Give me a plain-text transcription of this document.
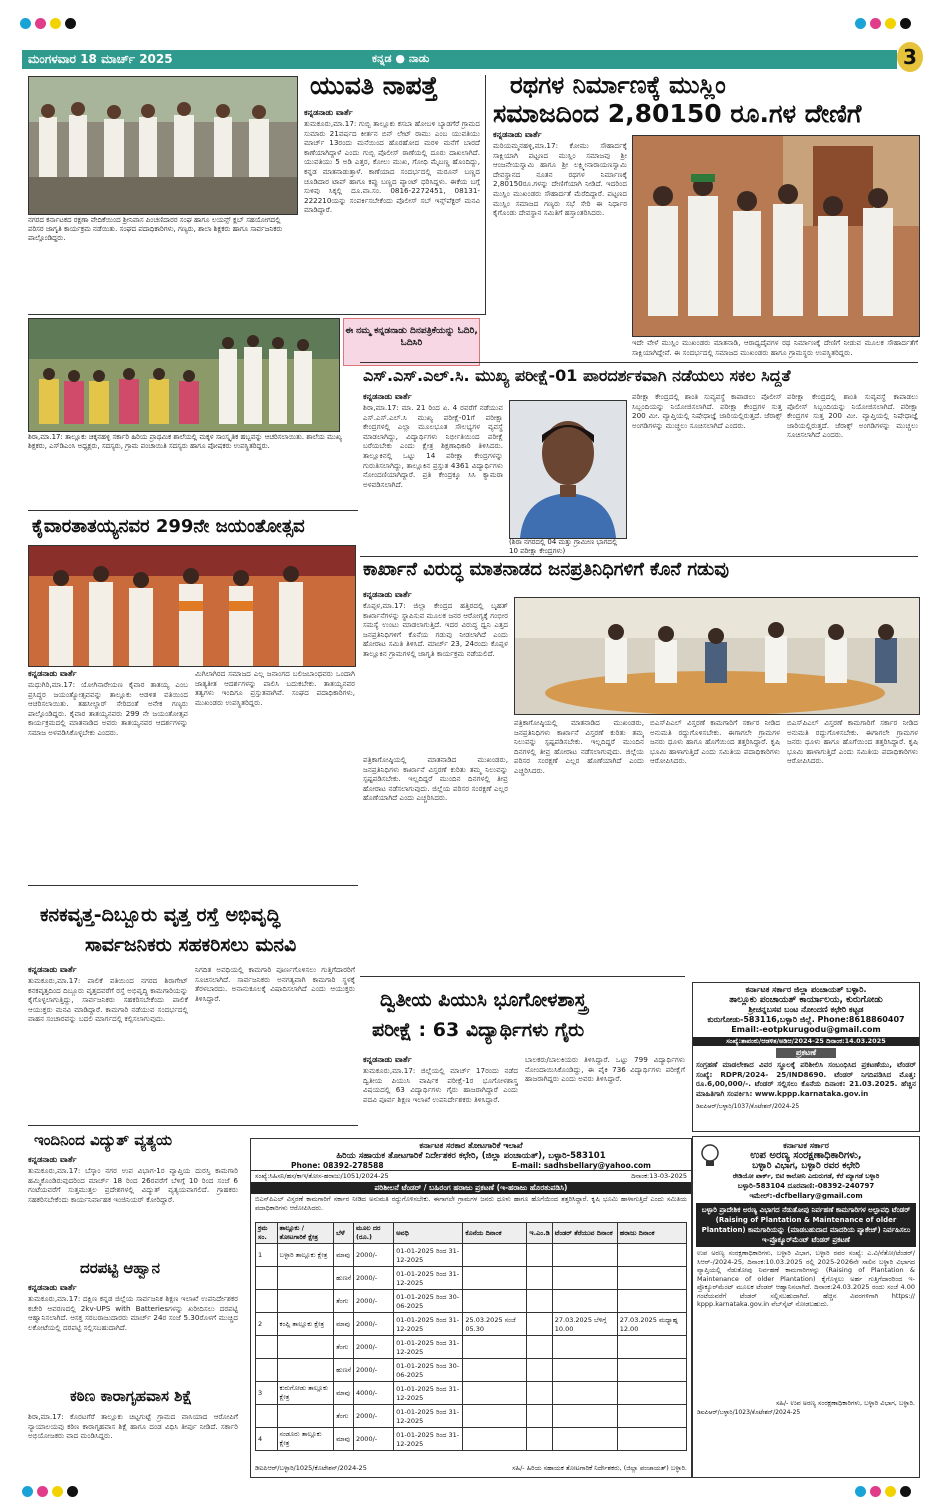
ಮಂಗಳವಾರ 18 ಮಾರ್ಚ್ 2025	ಕನ್ನಡ ● ನಾಡು	3
ನಗರದ ಕರ್ನಾಟಕದ ರಕ್ಷಣಾ ವೇದಿಕೆಯಿಂದ ಶ್ರೀನಿವಾಸ ಪಿಂಚಣಿದಾರರ ಸಂಘ ಹಾಗೂ ಲಯನ್ಸ್ ಕ್ಲಬ್ ಸಹಯೋಗದಲ್ಲಿ ಪರಿಸರ ಜಾಗೃತಿ ಕಾರ್ಯಕ್ರಮ ನಡೆಯಿತು. ಸಂಘದ ಪದಾಧಿಕಾರಿಗಳು, ಗಣ್ಯರು, ಶಾಲಾ ಶಿಕ್ಷಕರು ಹಾಗೂ ಸಾರ್ವಜನಿಕರು ಪಾಲ್ಗೊಂಡಿದ್ದರು.
ಯುವತಿ ನಾಪತ್ತೆ
ಕನ್ನಡನಾಡು ವಾರ್ತೆ
ತುಮಕೂರು,ಮಾ.17: ಗುಬ್ಬಿ ತಾಲ್ಲೂಕು ಕಸಬಾ ಹೋಬಳಿ ಬ್ಯಾಡಗೆರೆ ಗ್ರಾಮದ ಸುಮಾರು 21ವರ್ಷದ ಕೀರ್ತನ ಬಿನ್ ಲೇಟ್ ರಾಮು ಎಂಬ ಯುವತಿಯು ಮಾರ್ಚ್ 13ರಂದು ಮನೆಯಿಂದ ಹೊರಹೋದ ಮರಳಿ ಮನೆಗೆ ಬಾರದೆ ಕಾಣೆಯಾಗಿದ್ದಾಳೆ ಎಂದು ಗುಬ್ಬಿ ಪೊಲೀಸ್ ಠಾಣೆಯಲ್ಲಿ ದೂರು ದಾಖಲಾಗಿದೆ. ಯುವತಿಯು 5 ಅಡಿ ಎತ್ತರ, ಕೋಲು ಮುಖ, ಗೋಧಿ ಮೈಬಣ್ಣ ಹೊಂದಿದ್ದು, ಕನ್ನಡ ಮಾತನಾಡುತ್ತಾಳೆ. ಕಾಣೆಯಾದ ಸಂದರ್ಭದಲ್ಲಿ ಮರೂನ್ ಬಣ್ಣದ ಚೂಡಿದಾರ ಟಾಪ್ ಹಾಗೂ ಕಪ್ಪು ಬಣ್ಣದ ಪ್ಯಾಂಟ್ ಧರಿಸಿದ್ದಳು. ಈಕೆಯ ಬಗ್ಗೆ ಸುಳಿವು ಸಿಕ್ಕಲ್ಲಿ ದೂ.ವಾ.ಸಂ. 0816-2272451, 08131-222210ಯನ್ನು ಸಂಪರ್ಕಿಸಬೇಕೆಂದು ಪೊಲೀಸ್ ಸಬ್ ಇನ್ಸ್‌ಪೆಕ್ಟರ್ ಮನವಿ ಮಾಡಿದ್ದಾರೆ.
ರಥಗಳ ನಿರ್ಮಾಣಕ್ಕೆ ಮುಸ್ಲಿಂ
ಸಮಾಜದಿಂದ 2,80150 ರೂ.ಗಳ ದೇಣಿಗೆ
ಕನ್ನಡನಾಡು ವಾರ್ತೆ
ಮರಿಯಮ್ಮನಹಳ್ಳಿ,ಮಾ.17: ಕೋಮು ಸೌಹಾರ್ದಕ್ಕೆ ಸಾಕ್ಷಿಯಾಗಿ ಪಟ್ಟಣದ ಮುಸ್ಲಿಂ ಸಮಾಜವು ಶ್ರೀ ಆಂಜನೇಯಸ್ವಾಮಿ ಹಾಗೂ ಶ್ರೀ ಲಕ್ಷ್ಮೀನಾರಾಯಣಸ್ವಾಮಿ ದೇವಸ್ಥಾನದ ನೂತನ ರಥಗಳ ನಿರ್ಮಾಣಕ್ಕೆ 2,80150ರೂ.ಗಳನ್ನು ದೇಣಿಗೆಯಾಗಿ ನೀಡಿದೆ. ಇದರಿಂದ ಮುಸ್ಲಿಂ ಮುಖಂಡರು ಸೌಹಾರ್ದತೆ ಮೆರೆದಿದ್ದಾರೆ. ಪಟ್ಟಣದ ಮುಸ್ಲಿಂ ಸಮಾಜದ ಗಣ್ಯರು ಸಭೆ ಸೇರಿ ಈ ನಿರ್ಧಾರ ಕೈಗೊಂಡು ದೇವಸ್ಥಾನ ಸಮಿತಿಗೆ ಹಸ್ತಾಂತರಿಸಿದರು.
ಇದೇ ವೇಳೆ ಮುಸ್ಲಿಂ ಮುಖಂಡರು ಮಾತನಾಡಿ, ಆರಾಧ್ಯದೈವಗಳ ರಥ ನಿರ್ಮಾಣಕ್ಕೆ ದೇಣಿಗೆ ನೀಡುವ ಮೂಲಕ ಸೌಹಾರ್ದತೆಗೆ ಸಾಕ್ಷಿಯಾಗಿದ್ದೇವೆ. ಈ ಸಂದರ್ಭದಲ್ಲಿ ಸಮಾಜದ ಮುಖಂಡರು ಹಾಗೂ ಗ್ರಾಮಸ್ಥರು ಉಪಸ್ಥಿತರಿದ್ದರು.
ಈ ನಮ್ಮ ಕನ್ನಡನಾಡು ದಿನಪತ್ರಿಕೆಯನ್ನು ಓದಿರಿ, ಓದಿಸಿರಿ
ಶಿರಾ,ಮಾ.17: ತಾಲ್ಲೂಕು ಚಿಕ್ಕನಹಳ್ಳಿ ಸರ್ಕಾರಿ ಹಿರಿಯ ಪ್ರಾಥಮಿಕ ಶಾಲೆಯಲ್ಲಿ ಮಕ್ಕಳ ಸಾಂಸ್ಕೃತಿಕ ಹಬ್ಬವನ್ನು ಆಚರಿಸಲಾಯಿತು. ಶಾಲೆಯ ಮುಖ್ಯ ಶಿಕ್ಷಕರು, ಎಸ್‌ಡಿಎಂಸಿ ಅಧ್ಯಕ್ಷರು, ಸದಸ್ಯರು, ಗ್ರಾಮ ಪಂಚಾಯಿತಿ ಸದಸ್ಯರು ಹಾಗೂ ಪೋಷಕರು ಉಪಸ್ಥಿತರಿದ್ದರು.
ಎಸ್.ಎಸ್.ಎಲ್.ಸಿ. ಮುಖ್ಯ ಪರೀಕ್ಷೆ-01 ಪಾರದರ್ಶಕವಾಗಿ ನಡೆಯಲು ಸಕಲ ಸಿದ್ದತೆ
ಕನ್ನಡನಾಡು ವಾರ್ತೆ
ಶಿರಾ,ಮಾ.17: ಮಾ. 21 ರಿಂದ ಏ. 4 ರವರೆಗೆ ನಡೆಯುವ ಎಸ್.ಎಸ್.ಎಲ್.ಸಿ ಮುಖ್ಯ ಪರೀಕ್ಷೆ-01ಗೆ ಪರೀಕ್ಷಾ ಕೇಂದ್ರಗಳಲ್ಲಿ ಎಲ್ಲಾ ಮೂಲಭೂತ ಸೌಲಭ್ಯಗಳ ವ್ಯವಸ್ಥೆ ಮಾಡಲಾಗಿದ್ದು, ವಿದ್ಯಾರ್ಥಿಗಳು ನಿರ್ಭೀತಿಯಿಂದ ಪರೀಕ್ಷೆ ಬರೆಯಬೇಕು ಎಂದು ಕ್ಷೇತ್ರ ಶಿಕ್ಷಣಾಧಿಕಾರಿ ತಿಳಿಸಿದರು. ತಾಲ್ಲೂಕಿನಲ್ಲಿ ಒಟ್ಟು 14 ಪರೀಕ್ಷಾ ಕೇಂದ್ರಗಳನ್ನು ಗುರುತಿಸಲಾಗಿದ್ದು, ತಾಲ್ಲೂಕಿನ ಪ್ರಸ್ತುತ 4361 ವಿದ್ಯಾರ್ಥಿಗಳು ನೋಂದಣಿಯಾಗಿದ್ದಾರೆ. ಪ್ರತಿ ಕೇಂದ್ರಕ್ಕೂ ಸಿಸಿ ಕ್ಯಾಮರಾ ಅಳವಡಿಸಲಾಗಿದೆ.
(ಶಿರಾ ನಗರದಲ್ಲಿ 04 ಮತ್ತು ಗ್ರಾಮೀಣ ಭಾಗದಲ್ಲಿ 10 ಪರೀಕ್ಷಾ ಕೇಂದ್ರಗಳು)
ಪರೀಕ್ಷಾ ಕೇಂದ್ರದಲ್ಲಿ ಶಾಂತಿ ಸುವ್ಯವಸ್ಥೆ ಕಾಪಾಡಲು ಪೊಲೀಸ್ ಸಿಬ್ಬಂದಿಯನ್ನು ನಿಯೋಜಿಸಲಾಗಿದೆ. ಪರೀಕ್ಷಾ ಕೇಂದ್ರಗಳ ಸುತ್ತ 200 ಮೀ. ವ್ಯಾಪ್ತಿಯಲ್ಲಿ ನಿಷೇಧಾಜ್ಞೆ ಜಾರಿಯಲ್ಲಿರುತ್ತದೆ. ಜೆರಾಕ್ಸ್ ಅಂಗಡಿಗಳನ್ನು ಮುಚ್ಚಲು ಸೂಚಿಸಲಾಗಿದೆ ಎಂದರು.
ಪರೀಕ್ಷಾ ಕೇಂದ್ರದಲ್ಲಿ ಶಾಂತಿ ಸುವ್ಯವಸ್ಥೆ ಕಾಪಾಡಲು ಪೊಲೀಸ್ ಸಿಬ್ಬಂದಿಯನ್ನು ನಿಯೋಜಿಸಲಾಗಿದೆ. ಪರೀಕ್ಷಾ ಕೇಂದ್ರಗಳ ಸುತ್ತ 200 ಮೀ. ವ್ಯಾಪ್ತಿಯಲ್ಲಿ ನಿಷೇಧಾಜ್ಞೆ ಜಾರಿಯಲ್ಲಿರುತ್ತದೆ. ಜೆರಾಕ್ಸ್ ಅಂಗಡಿಗಳನ್ನು ಮುಚ್ಚಲು ಸೂಚಿಸಲಾಗಿದೆ ಎಂದರು.
ಕೈವಾರತಾತಯ್ಯನವರ 299ನೇ ಜಯಂತೋತ್ಸವ
ಕನ್ನಡನಾಡು ವಾರ್ತೆ
ಮಧುಗಿರಿ,ಮಾ.17: ಯೋಗಿನಾರೇಯಣ ಕೈವಾರ ತಾತಯ್ಯ ಎಂಬ ಪ್ರಸಿದ್ಧರ ಜಯಂತ್ಯೋತ್ಸವವನ್ನು ತಾಲ್ಲೂಕು ಆಡಳಿತ ವತಿಯಿಂದ ಆಚರಿಸಲಾಯಿತು. ತಹಸೀಲ್ದಾರ್ ಸೇರಿದಂತೆ ಅನೇಕ ಗಣ್ಯರು ಪಾಲ್ಗೊಂಡಿದ್ದರು. ಕೈವಾರ ತಾತಯ್ಯನವರು 299 ನೇ ಜಯಂತೋತ್ಸವ ಕಾರ್ಯಕ್ರಮದಲ್ಲಿ ಮಾತನಾಡಿದ ಅವರು ತಾತಯ್ಯನವರ ಆದರ್ಶಗಳನ್ನು ಸಮಾಜ ಅಳವಡಿಸಿಕೊಳ್ಳಬೇಕು ಎಂದರು.
ಮಿಗಿಲಾಗಿರದ ಸಮಾಜದ ಎಲ್ಲ ಜನಾಂಗದ ಬಲಿಜಬಾಂಧವರು ಒಂದಾಗಿ ಜಾತ್ಯತೀತ ಆದರ್ಶಗಳನ್ನು ಪಾಲಿಸಿ ಬದುಕಬೇಕು. ತಾತಯ್ಯನವರ ತತ್ವಗಳು ಇಂದಿಗೂ ಪ್ರಸ್ತುತವಾಗಿವೆ. ಸಂಘದ ಪದಾಧಿಕಾರಿಗಳು, ಮುಖಂಡರು ಉಪಸ್ಥಿತರಿದ್ದರು.
ಕಾರ್ಖಾನೆ ವಿರುದ್ಧ ಮಾತನಾಡದ ಜನಪ್ರತಿನಿಧಿಗಳಿಗೆ ಕೊನೆ ಗಡುವು
ಕನ್ನಡನಾಡು ವಾರ್ತೆ
ಕೊಪ್ಪಳ,ಮಾ.17: ಜಿಲ್ಲಾ ಕೇಂದ್ರದ ಹತ್ತಿರದಲ್ಲಿ ಬೃಹತ್ ಕಾರ್ಖಾನೆಗಳನ್ನು ಸ್ಥಾಪಿಸುವ ಮೂಲಕ ಜನರ ಆರೋಗ್ಯಕ್ಕೆ ಗಂಭೀರ ಸಮಸ್ಯೆ ಉಂಟು ಮಾಡಲಾಗುತ್ತಿದೆ. ಇದರ ವಿರುದ್ಧ ಧ್ವನಿ ಎತ್ತದ ಜನಪ್ರತಿನಿಧಿಗಳಿಗೆ ಕೊನೆಯ ಗಡುವು ನೀಡಲಾಗಿದೆ ಎಂದು ಹೋರಾಟ ಸಮಿತಿ ತಿಳಿಸಿದೆ. ಮಾರ್ಚ್ 23, 24ರಂದು ಕೊಪ್ಪಳ ತಾಲ್ಲೂಕಿನ ಗ್ರಾಮಗಳಲ್ಲಿ ಜಾಗೃತಿ ಕಾರ್ಯಕ್ರಮ ನಡೆಯಲಿದೆ.
ಪತ್ರಿಕಾಗೋಷ್ಠಿಯಲ್ಲಿ ಮಾತನಾಡಿದ ಮುಖಂಡರು, ಜನಪ್ರತಿನಿಧಿಗಳು ಕಾರ್ಖಾನೆ ವಿಸ್ತರಣೆ ಕುರಿತು ತಮ್ಮ ನಿಲುವನ್ನು ಸ್ಪಷ್ಟಪಡಿಸಬೇಕು. ಇಲ್ಲದಿದ್ದರೆ ಮುಂದಿನ ದಿನಗಳಲ್ಲಿ ತೀವ್ರ ಹೋರಾಟ ನಡೆಸಲಾಗುವುದು. ಜಿಲ್ಲೆಯ ಪರಿಸರ ಸಂರಕ್ಷಣೆ ಎಲ್ಲರ ಹೊಣೆಯಾಗಿದೆ ಎಂದು ಎಚ್ಚರಿಸಿದರು.
ಪತ್ರಿಕಾಗೋಷ್ಠಿಯಲ್ಲಿ ಮಾತನಾಡಿದ ಮುಖಂಡರು, ಜನಪ್ರತಿನಿಧಿಗಳು ಕಾರ್ಖಾನೆ ವಿಸ್ತರಣೆ ಕುರಿತು ತಮ್ಮ ನಿಲುವನ್ನು ಸ್ಪಷ್ಟಪಡಿಸಬೇಕು. ಇಲ್ಲದಿದ್ದರೆ ಮುಂದಿನ ದಿನಗಳಲ್ಲಿ ತೀವ್ರ ಹೋರಾಟ ನಡೆಸಲಾಗುವುದು. ಜಿಲ್ಲೆಯ ಪರಿಸರ ಸಂರಕ್ಷಣೆ ಎಲ್ಲರ ಹೊಣೆಯಾಗಿದೆ ಎಂದು ಎಚ್ಚರಿಸಿದರು.
ಬಿಎಸ್‌ಪಿಎಲ್ ವಿಸ್ತರಣೆ ಕಾಮಗಾರಿಗೆ ಸರ್ಕಾರ ನೀಡಿದ ಅನುಮತಿ ರದ್ದುಗೊಳಿಸಬೇಕು. ಈಗಾಗಲೇ ಗ್ರಾಮಗಳ ಜನರು ಧೂಳು ಹಾಗೂ ಹೊಗೆಯಿಂದ ತತ್ತರಿಸಿದ್ದಾರೆ. ಕೃಷಿ ಭೂಮಿ ಹಾಳಾಗುತ್ತಿದೆ ಎಂದು ಸಮಿತಿಯ ಪದಾಧಿಕಾರಿಗಳು ಆರೋಪಿಸಿದರು.
ಬಿಎಸ್‌ಪಿಎಲ್ ವಿಸ್ತರಣೆ ಕಾಮಗಾರಿಗೆ ಸರ್ಕಾರ ನೀಡಿದ ಅನುಮತಿ ರದ್ದುಗೊಳಿಸಬೇಕು. ಈಗಾಗಲೇ ಗ್ರಾಮಗಳ ಜನರು ಧೂಳು ಹಾಗೂ ಹೊಗೆಯಿಂದ ತತ್ತರಿಸಿದ್ದಾರೆ. ಕೃಷಿ ಭೂಮಿ ಹಾಳಾಗುತ್ತಿದೆ ಎಂದು ಸಮಿತಿಯ ಪದಾಧಿಕಾರಿಗಳು ಆರೋಪಿಸಿದರು.
ಕನಕವೃತ್ತ-ದಿಬ್ಬೂರು ವೃತ್ತ ರಸ್ತೆ ಅಭಿವೃದ್ಧಿ
ಸಾರ್ವಜನಿಕರು ಸಹಕರಿಸಲು ಮನವಿ
ಕನ್ನಡನಾಡು ವಾರ್ತೆ
ತುಮಕೂರು,ಮಾ.17: ಪಾಲಿಕೆ ವತಿಯಿಂದ ನಗರದ ಶಿರಾಗೇಟ್ ಕನಕವೃತ್ತದಿಂದ ದಿಬ್ಬೂರು ವೃತ್ತದವರೆಗೆ ರಸ್ತೆ ಅಭಿವೃದ್ಧಿ ಕಾಮಗಾರಿಯನ್ನು ಕೈಗೊಳ್ಳಲಾಗುತ್ತಿದ್ದು, ಸಾರ್ವಜನಿಕರು ಸಹಕರಿಸಬೇಕೆಂದು ಪಾಲಿಕೆ ಆಯುಕ್ತರು ಮನವಿ ಮಾಡಿದ್ದಾರೆ. ಕಾಮಗಾರಿ ನಡೆಯುವ ಸಂದರ್ಭದಲ್ಲಿ ವಾಹನ ಸಂಚಾರವನ್ನು ಬದಲಿ ಮಾರ್ಗದಲ್ಲಿ ಕಲ್ಪಿಸಲಾಗುವುದು.
ನಿಗದಿತ ಅವಧಿಯಲ್ಲಿ ಕಾಮಗಾರಿ ಪೂರ್ಣಗೊಳಿಸಲು ಗುತ್ತಿಗೆದಾರರಿಗೆ ಸೂಚಿಸಲಾಗಿದೆ. ಸಾರ್ವಜನಿಕರು ಅನಗತ್ಯವಾಗಿ ಕಾಮಗಾರಿ ಸ್ಥಳಕ್ಕೆ ತೆರಳಬಾರದು. ಅನಾನುಕೂಲಕ್ಕೆ ವಿಷಾದಿಸಲಾಗಿದೆ ಎಂದು ಆಯುಕ್ತರು ತಿಳಿಸಿದ್ದಾರೆ.	ದ್ವಿತೀಯ ಪಿಯುಸಿ ಭೂಗೋಳಶಾಸ್ತ್ರ
ಪರೀಕ್ಷೆ : 63 ವಿದ್ಯಾರ್ಥಿಗಳು ಗೈರು
ಕನ್ನಡನಾಡು ವಾರ್ತೆ
ತುಮಕೂರು,ಮಾ.17: ಜಿಲ್ಲೆಯಲ್ಲಿ ಮಾರ್ಚ್ 17ರಂದು ನಡೆದ ದ್ವಿತೀಯ ಪಿಯುಸಿ ವಾರ್ಷಿಕ ಪರೀಕ್ಷೆ-1ರ ಭೂಗೋಳಶಾಸ್ತ್ರ ವಿಷಯದಲ್ಲಿ 63 ವಿದ್ಯಾರ್ಥಿಗಳು ಗೈರು ಹಾಜರಾಗಿದ್ದಾರೆ ಎಂದು ಪದವಿ ಪೂರ್ವ ಶಿಕ್ಷಣ ಇಲಾಖೆ ಉಪನಿರ್ದೇಶಕರು ತಿಳಿಸಿದ್ದಾರೆ.
ಬಾಲಕರು/ಬಾಲಕಿಯರು ತಿಳಿಸಿದ್ದಾರೆ. ಒಟ್ಟು 799 ವಿದ್ಯಾರ್ಥಿಗಳು ನೋಂದಾಯಿಸಿಕೊಂಡಿದ್ದು, ಈ ಪೈಕಿ 736 ವಿದ್ಯಾರ್ಥಿಗಳು ಪರೀಕ್ಷೆಗೆ ಹಾಜರಾಗಿದ್ದರು ಎಂದು ಅವರು ತಿಳಿಸಿದ್ದಾರೆ.
ಕರ್ನಾಟಕ ಸರ್ಕಾರ ಜಿಲ್ಲಾ ಪಂಚಾಯತ್ ಬಳ್ಳಾರಿ.
ತಾಲ್ಲೂಕು ಪಂಚಾಯತ್ ಕಾರ್ಯಾಲಯ, ಕುರುಗೋಡು
ಶ್ರೀಚನ್ನಬಸವ ಬಂಟ ನೋಂದಣಿ ಕಛೇರಿ ಕಟ್ಟಡ
ಕುರುಗೋಡು-583116,ಬಳ್ಳಾರಿ ಜಿಲ್ಲೆ. Phone:8618860407
Email:-eotpkurugodu@gmail.com
ಸಂಖ್ಯೆ:ತಾಪಂಕು/ಆಡಳಿತ/ಅಡಿಆ/2024-25 ದಿನಾಂಕ:14.03.2025
ಪ್ರಕಟಣೆ
ಸಂಗ್ರಹಣೆ ಮಾಡಲೇಕಾದ ವಿವರ ಸ್ಥೂಲಕ್ಕೆ ಪರಿಶೀಲಿಸಿ ಸಂಬಂಧಿಸಿದ ಪ್ರಕಟಣೆಯು, ಟೆಂಡರ್ ಸಂಖ್ಯೆ: RDPR/2024- 25/IND8690. ಟೆಂಡರ್ ನಿಗದಿಪಡಿಸಿದ ಮೊತ್ತ: ರೂ.6,00,000/-. ಟೆಂಡರ್ ಸಲ್ಲಿಸಲು ಕೊನೆಯ ದಿನಾಂಕ: 21.03.2025. ಹೆಚ್ಚಿನ ಮಾಹಿತಿಗಾಗಿ ಸಂಪರ್ಕಿಸಿ: www.kppp.karnataka.gov.in
ಡಿಐಪಿಆರ್/ಬಳ್ಳಾರಿ/1037/ಕೊಟೇಶನ್/2024-25
ಇಂದಿನಿಂದ ವಿದ್ಯುತ್ ವ್ಯತ್ಯಯ
ಕನ್ನಡನಾಡು ವಾರ್ತೆ
ತುಮಕೂರು,ಮಾ.17: ಬೆಸ್ಕಾಂ ನಗರ ಉಪ ವಿಭಾಗ-1ರ ವ್ಯಾಪ್ತಿಯ ದುರಸ್ತಿ ಕಾಮಗಾರಿ ಹಮ್ಮಿಕೊಂಡಿರುವುದರಿಂದ ಮಾರ್ಚ್ 18 ರಿಂದ 26ರವರೆಗೆ ಬೆಳಿಗ್ಗೆ 10 ರಿಂದ ಸಂಜೆ 6 ಗಂಟೆಯವರೆಗೆ ಸುತ್ತಮುತ್ತಲ ಪ್ರದೇಶಗಳಲ್ಲಿ ವಿದ್ಯುತ್ ವ್ಯತ್ಯಯವಾಗಲಿದೆ. ಗ್ರಾಹಕರು ಸಹಕರಿಸಬೇಕೆಂದು ಕಾರ್ಯನಿರ್ವಾಹಕ ಇಂಜಿನಿಯರ್ ಕೋರಿದ್ದಾರೆ.
ದರಪಟ್ಟಿ ಆಹ್ವಾನ
ಕನ್ನಡನಾಡು ವಾರ್ತೆ
ತುಮಕೂರು,ಮಾ.17: ದಕ್ಷಿಣ ಕನ್ನಡ ಜಿಲ್ಲೆಯ ಸಾರ್ವಜನಿಕ ಶಿಕ್ಷಣ ಇಲಾಖೆ ಉಪನಿರ್ದೇಶಕರ ಕಚೇರಿ ಆವರಣದಲ್ಲಿ 2kv-UPS with Batteriesಗಳನ್ನು ಖರೀದಿಸಲು ದರಪಟ್ಟಿ ಆಹ್ವಾನಿಸಲಾಗಿದೆ. ಆಸಕ್ತ ಸರಬರಾಜುದಾರರು ಮಾರ್ಚ್ 24ರ ಸಂಜೆ 5.30ರೊಳಗೆ ಮುಚ್ಚಿದ ಲಕೋಟೆಯಲ್ಲಿ ದರಪಟ್ಟಿ ಸಲ್ಲಿಸಬಹುದಾಗಿದೆ.
ಕಠಿಣ ಕಾರಾಗೃಹವಾಸ ಶಿಕ್ಷೆ
ಶಿರಾ,ಮಾ.17: ಕೊರಟಗೆರೆ ತಾಲ್ಲೂಕು ಚಿಟ್ಟಗುಟ್ಟೆ ಗ್ರಾಮದ ವಾಸಿಯಾದ ಆರೋಪಿಗೆ ನ್ಯಾಯಾಲಯವು ಕಠಿಣ ಕಾರಾಗೃಹವಾಸ ಶಿಕ್ಷೆ ಹಾಗೂ ದಂಡ ವಿಧಿಸಿ ತೀರ್ಪು ನೀಡಿದೆ. ಸರ್ಕಾರಿ ಅಭಿಯೋಜಕರು ವಾದ ಮಂಡಿಸಿದ್ದರು.
ಕರ್ನಾಟಕ ಸರಕಾರ ತೋಟಗಾರಿಕೆ ಇಲಾಖೆ
ಹಿರಿಯ ಸಹಾಯಕ ತೋಟಗಾರಿಕೆ ನಿರ್ದೇಶಕರ ಕಛೇರಿ, (ಜಿಲ್ಲಾ ಪಂಚಾಯತ್), ಬಳ್ಳಾರಿ-583101
Phone: 08392-278588	E-mail: sadhsbellary@yahoo.com
ಸಂಖ್ಯೆ:ಸಿಹಿಸನಿ/ಹಸ/ಕಾಇ/ತೋಸ-ಹರಾಜು/1051/2024-25	ದಿನಾಂಕ:13-03-2025
ಪರಿಶೀಲನೆ ಟೆಂಡರ್ / ಬಹಿರಂಗ ಹರಾಜು ಪ್ರಕಟಣೆ (ಇ-ಹರಾಜು ಹೊರತುಪಡಿಸಿ)
ಬಿಎಸ್‌ಪಿಎಲ್ ವಿಸ್ತರಣೆ ಕಾಮಗಾರಿಗೆ ಸರ್ಕಾರ ನೀಡಿದ ಅನುಮತಿ ರದ್ದುಗೊಳಿಸಬೇಕು. ಈಗಾಗಲೇ ಗ್ರಾಮಗಳ ಜನರು ಧೂಳು ಹಾಗೂ ಹೊಗೆಯಿಂದ ತತ್ತರಿಸಿದ್ದಾರೆ. ಕೃಷಿ ಭೂಮಿ ಹಾಳಾಗುತ್ತಿದೆ ಎಂದು ಸಮಿತಿಯ ಪದಾಧಿಕಾರಿಗಳು ಆರೋಪಿಸಿದರು.
ಕ್ರಮ ಸಂ.	ತಾಲ್ಲೂಕು / ತೋಟಗಾರಿಕೆ ಕ್ಷೇತ್ರ	ಬೆಳೆ	ಮೂಲ ದರ (ರೂ.)	ಅವಧಿ	ಕೊನೆಯ ದಿನಾಂಕ	ಇ.ಎಂ.ಡಿ	ಟೆಂಡರ್ ತೆರೆಯುವ ದಿನಾಂಕ	ಹರಾಜು ದಿನಾಂಕ
1	ಬಳ್ಳಾರಿ ತಾಲ್ಲೂಕು ಕ್ಷೇತ್ರ	ಮಾವು	2000/-	01-01-2025 ರಿಂದ 31-12-2025				
		ಹುಣಸೆ	2000/-	01-01-2025 ರಿಂದ 31-12-2025				
		ತೆಂಗು	2000/-	01-01-2025 ರಿಂದ 30-06-2025				
2	ಕಂಪ್ಲಿ ತಾಲ್ಲೂಕು ಕ್ಷೇತ್ರ	ಮಾವು	2000/-	01-01-2025 ರಿಂದ 31-12-2025	25.03.2025 ಸಂಜೆ 05.30		27.03.2025 ಬೆಳಿಗ್ಗೆ 10.00	27.03.2025 ಮಧ್ಯಾಹ್ನ 12.00
		ತೆಂಗು	2000/-	01-01-2025 ರಿಂದ 31-12-2025				
		ಹುಣಸೆ	2000/-	01-01-2025 ರಿಂದ 30-06-2025				
3	ಕುರುಗೋಡು ತಾಲ್ಲೂಕು ಕ್ಷೇತ್ರ	ಮಾವು	4000/-	01-01-2025 ರಿಂದ 31-12-2025				
		ತೆಂಗು	2000/-	01-01-2025 ರಿಂದ 31-12-2025				
4	ಸಂಡೂರು ತಾಲ್ಲೂಕು ಕ್ಷೇತ್ರ	ಮಾವು	2000/-	01-01-2025 ರಿಂದ 31-12-2025				
ಡಿಐಪಿಆರ್/ಬಳ್ಳಾರಿ/1025/ಕೊಟೇಶನ್/2024-25	ಸಹಿ/- ಹಿರಿಯ ಸಹಾಯಕ ತೋಟಗಾರಿಕೆ ನಿರ್ದೇಶಕರು, (ಜಿಲ್ಲಾ ಪಂಚಾಯತ್) ಬಳ್ಳಾರಿ.
ಕರ್ನಾಟಕ ಸರ್ಕಾರ
ಉಪ ಅರಣ್ಯ ಸಂರಕ್ಷಣಾಧಿಕಾರಿಗಳು,
ಬಳ್ಳಾರಿ ವಿಭಾಗ, ಬಳ್ಳಾರಿ ರವರ ಕಛೇರಿ
ರೇಡಿಯೋ ಪಾರ್ಕ್, ಬಿಟಿ ಕಾಲೋನಿ ಎದುರುಗಡೆ, ಕೆರೆ ಮ್ಯಾಗಡೆ ಬಳ್ಳಾರಿ
ಬಳ್ಳಾರಿ-583104 ದೂರವಾಣಿ:-08392-240797
ಇಮೇಲ್:-dcfbellary@gmail.com
ಬಳ್ಳಾರಿ ಪ್ರಾದೇಶಿಕ ಅರಣ್ಯ ವಿಭಾಗದ ನೆಡುತೋಪು ನಿರ್ವಹಣೆ ಕಾಮಗಾರಿಗಳ ಅಲ್ಪಾವಧಿ ಟೆಂಡರ್ (Raising of Plantation & Maintenance of older Plantation) ಕಾಮಗಾರಿಯನ್ನು (ಮಾಡಬಹುದಾದ ಮಾದರಿಯ ಪ್ಯಾಕೇಜ್) ನಿರ್ವಹಿಸಲು ಇ-ಪ್ರೊಕ್ಯೂರ್‌ಮೆಂಟ್ ಟೆಂಡರ್ ಪ್ರಕಟಣೆ
ಉಪ ಅರಣ್ಯ ಸಂರಕ್ಷಣಾಧಿಕಾರಿಗಳು, ಬಳ್ಳಾರಿ ವಿಭಾಗ, ಬಳ್ಳಾರಿ ರವರ ಸಂಖ್ಯೆ: ಎ.ವಿ/ನೆತೋ/ಟೆಂಡರ್/ಸಿಆರ್-/2024-25, ದಿನಾಂಕ:10.03.2025 ರಲ್ಲಿ 2025-2026ನೇ ಸಾಲಿನ ಬಳ್ಳಾರಿ ವಿಭಾಗದ ವ್ಯಾಪ್ತಿಯಲ್ಲಿ ನೆಡುತೋಪು ನಿರ್ವಹಣೆ ಕಾಮಗಾರಿಗಳನ್ನು (Raising of Plantation & Maintenance of older Plantation) ಕೈಗೊಳ್ಳಲು ಅರ್ಹ ಗುತ್ತಿಗೆದಾರರಿಂದ ಇ-ಪ್ರೊಕ್ಯೂರ್‌ಮೆಂಟ್ ಮೂಲಕ ಟೆಂಡರ್ ಆಹ್ವಾನಿಸಲಾಗಿದೆ. ದಿನಾಂಕ:24.03.2025 ರಂದು ಸಂಜೆ 4.00 ಗಂಟೆಯವರೆಗೆ ಟೆಂಡರ್ ಸಲ್ಲಿಸಬಹುದಾಗಿದೆ. ಹೆಚ್ಚಿನ ವಿವರಗಳಿಗಾಗಿ https:// kppp.karnataka.gov.in ವೆಬ್‌ಸೈಟ್ ನೋಡಬಹುದು.
ಸಹಿ/- ಉಪ ಅರಣ್ಯ ಸಂರಕ್ಷಣಾಧಿಕಾರಿಗಳು, ಬಳ್ಳಾರಿ ವಿಭಾಗ, ಬಳ್ಳಾರಿ.
ಡಿಐಪಿಆರ್/ಬಳ್ಳಾರಿ/1023/ಕೊಟೇಶನ್/2024-25
